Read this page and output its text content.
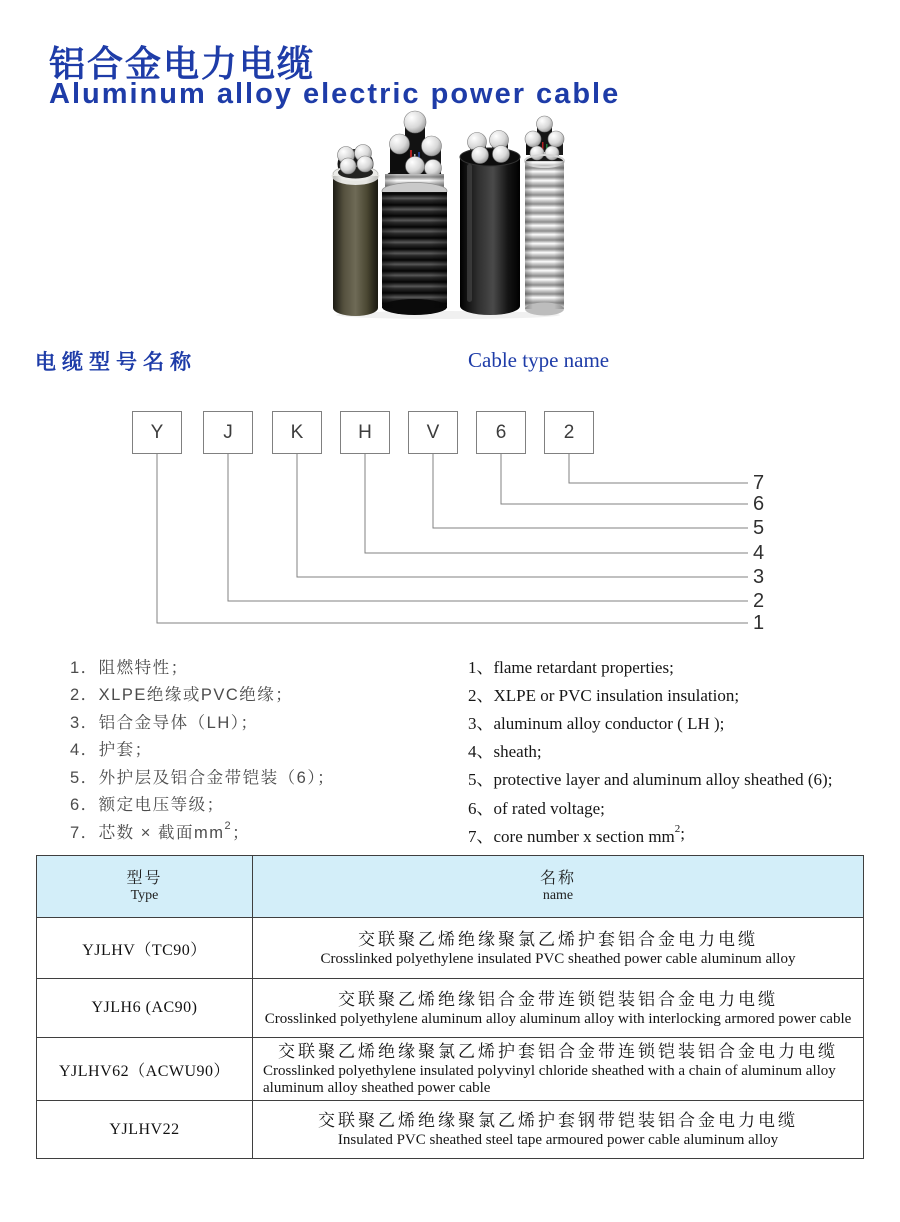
铝合金电力电缆
Aluminum alloy electric power cable
电缆型号名称	Cable type name
Y	J	K	H	V	6	2
1
2
3
4
5
6
7
1．阻燃特性；
2．XLPE绝缘或PVC绝缘；
3．铝合金导体（LH）；
4．护套；
5．外护层及铝合金带铠装（6）；
6．额定电压等级；
7．芯数 × 截面$mm^2$ ；
1、flame retardant properties;
2、XLPE or PVC insulation insulation;
3、aluminum alloy conductor ( LH );
4、sheath;
5、protective layer and aluminum alloy sheathed (6);
6、of rated voltage;
7、core number x section $mm^2$ ;
型号
Type

名称
name

YJLHV（TC90）	交联聚乙烯绝缘聚氯乙烯护套铝合金电力电缆
Crosslinked polyethylene insulated PVC sheathed power cable aluminum alloy

YJLH6 (AC90)	交联聚乙烯绝缘铝合金带连锁铠装铝合金电力电缆
Crosslinked polyethylene aluminum alloy aluminum alloy with interlocking armored power cable

YJLHV62（ACWU90）	交联聚乙烯绝缘聚氯乙烯护套铝合金带连锁铠装铝合金电力电缆
Crosslinked polyethylene insulated polyvinyl chloride sheathed with a chain of aluminum alloy aluminum alloy sheathed power cable

YJLHV22	交联聚乙烯绝缘聚氯乙烯护套钢带铠装铝合金电力电缆
Insulated PVC sheathed steel tape armoured power cable aluminum alloy
